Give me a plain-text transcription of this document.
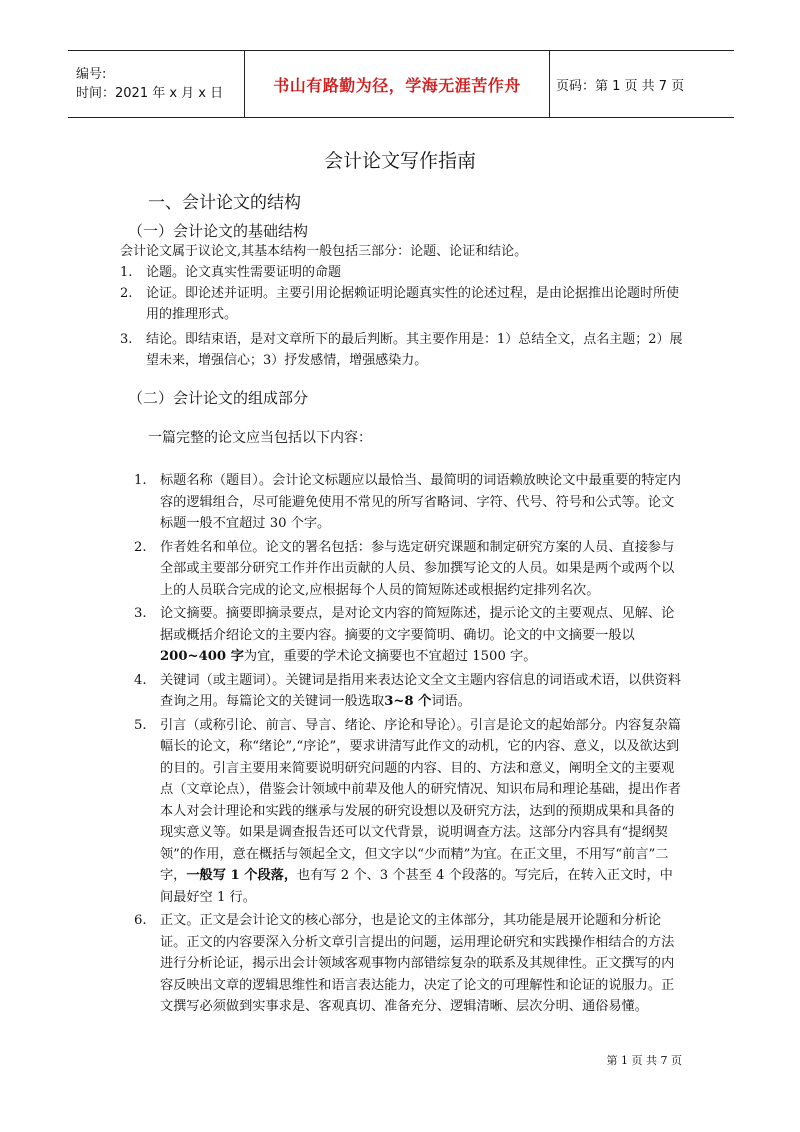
编号:
时间：2021 年 x 月 x 日	书山有路勤为径，学海无涯苦作舟	页码：第 1 页 共 7 页
会计论文写作指南
一、会计论文的结构
（一）会计论文的基础结构
会计论文属于议论文,其基本结构一般包括三部分：论题、论证和结论。
1. 论题。论文真实性需要证明的命题
2. 论证。即论述并证明。主要引用论据赖证明论题真实性的论述过程，是由论据推出论题时所使用的推理形式。
3. 结论。即结束语，是对文章所下的最后判断。其主要作用是：1）总结全文，点名主题；2）展望未来，增强信心；3）抒发感情，增强感染力。
（二）会计论文的组成部分
一篇完整的论文应当包括以下内容：
1. 标题名称（题目）。会计论文标题应以最恰当、最简明的词语赖放映论文中最重要的特定内容的逻辑组合，尽可能避免使用不常见的所写省略词、字符、代号、符号和公式等。论文标题一般不宜超过 30 个字。
2. 作者姓名和单位。论文的署名包括：参与选定研究课题和制定研究方案的人员、直接参与全部或主要部分研究工作并作出贡献的人员、参加撰写论文的人员。如果是两个或两个以上的人员联合完成的论文,应根据每个人员的简短陈述或根据约定排列名次。
3. 论文摘要。摘要即摘录要点，是对论文内容的简短陈述，提示论文的主要观点、见解、论据或概括介绍论文的主要内容。摘要的文字要简明、确切。论文的中文摘要一般以200~400 字为宜，重要的学术论文摘要也不宜超过 1500 字。
4. 关键词（或主题词）。关键词是指用来表达论文全文主题内容信息的词语或术语，以供资料查询之用。每篇论文的关键词一般选取3~8 个词语。
5. 引言（或称引论、前言、导言、绪论、序论和导论）。引言是论文的起始部分。内容复杂篇幅长的论文，称“绪论”,“序论”，要求讲清写此作文的动机，它的内容、意义，以及欲达到的目的。引言主要用来简要说明研究问题的内容、目的、方法和意义，阐明全文的主要观点（文章论点），借鉴会计领域中前辈及他人的研究情况、知识布局和理论基础，提出作者本人对会计理论和实践的继承与发展的研究设想以及研究方法，达到的预期成果和具备的现实意义等。如果是调查报告还可以文代背景，说明调查方法。这部分内容具有“提纲契领”的作用，意在概括与领起全文，但文字以“少而精”为宜。在正文里，不用写“前言”二字，一般写 1 个段落，也有写 2 个、3 个甚至 4 个段落的。写完后，在转入正文时，中间最好空 1 行。
6. 正文。正文是会计论文的核心部分，也是论文的主体部分，其功能是展开论题和分析论证。正文的内容要深入分析文章引言提出的问题，运用理论研究和实践操作相结合的方法进行分析论证，揭示出会计领域客观事物内部错综复杂的联系及其规律性。正文撰写的内容反映出文章的逻辑思维性和语言表达能力，决定了论文的可理解性和论证的说服力。正文撰写必须做到实事求是、客观真切、准备充分、逻辑清晰、层次分明、通俗易懂。
第 1 页 共 7 页
